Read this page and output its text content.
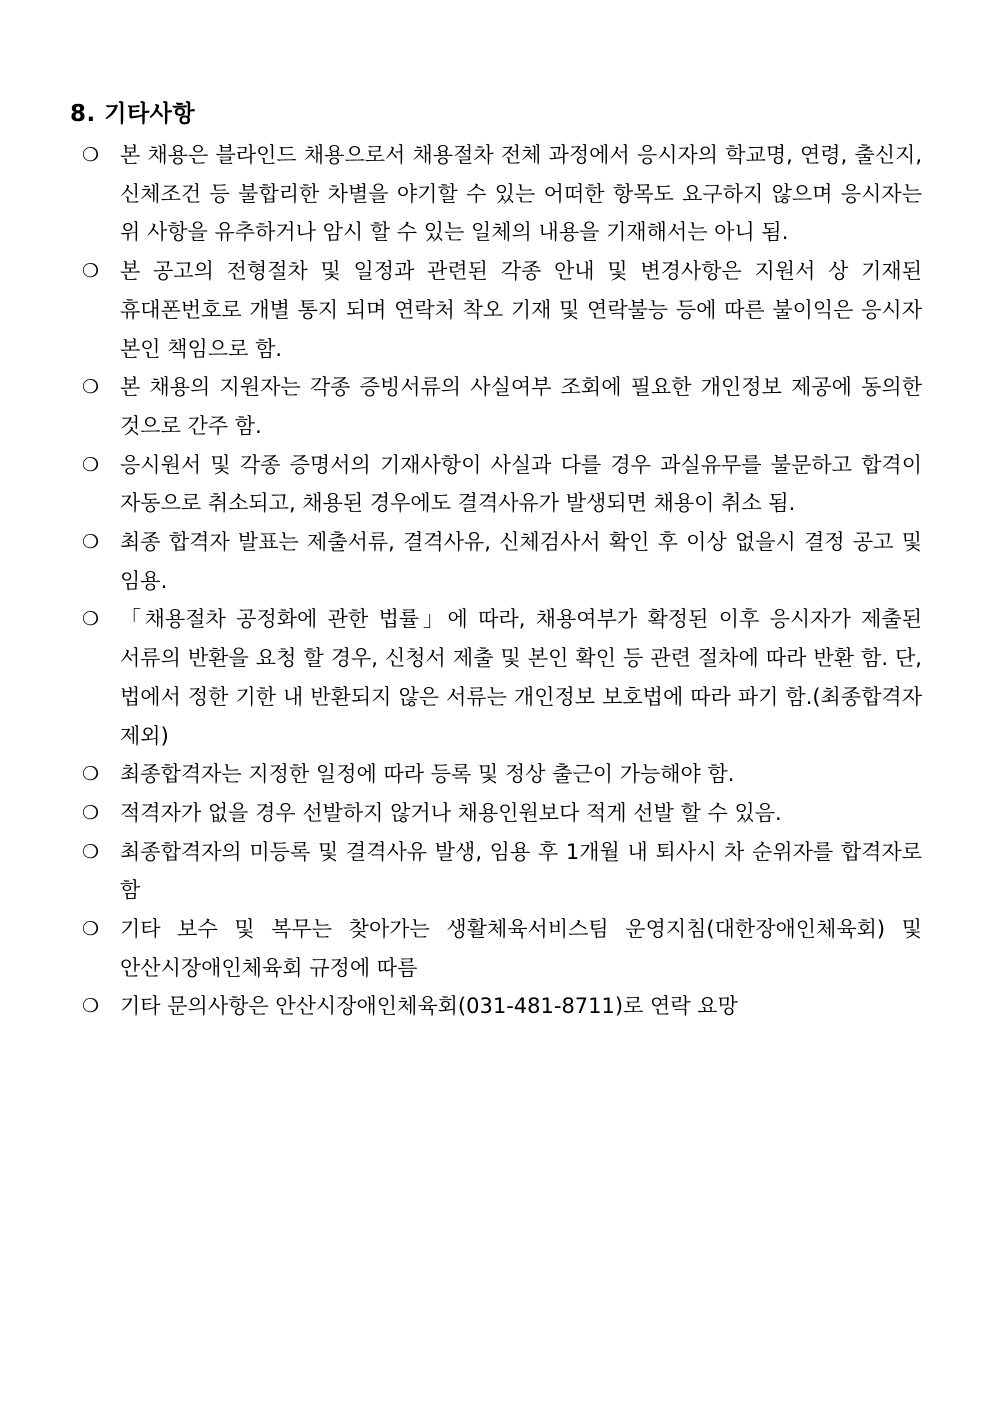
8. 기타사항
❍ 본 채용은 블라인드 채용으로서 채용절차 전체 과정에서 응시자의 학교명, 연령, 출신지, 신체조건 등 불합리한 차별을 야기할 수 있는 어떠한 항목도 요구하지 않으며 응시자는 위 사항을 유추하거나 암시 할 수 있는 일체의 내용을 기재해서는 아니 됨.
❍ 본 공고의 전형절차 및 일정과 관련된 각종 안내 및 변경사항은 지원서 상 기재된 휴대폰번호로 개별 통지 되며 연락처 착오 기재 및 연락불능 등에 따른 불이익은 응시자 본인 책임으로 함.
❍ 본 채용의 지원자는 각종 증빙서류의 사실여부 조회에 필요한 개인정보 제공에 동의한 것으로 간주 함.
❍ 응시원서 및 각종 증명서의 기재사항이 사실과 다를 경우 과실유무를 불문하고 합격이 자동으로 취소되고, 채용된 경우에도 결격사유가 발생되면 채용이 취소 됨.
❍ 최종 합격자 발표는 제출서류, 결격사유, 신체검사서 확인 후 이상 없을시 결정 공고 및 임용.
❍ 「채용절차 공정화에 관한 법률」에 따라, 채용여부가 확정된 이후 응시자가 제출된 서류의 반환을 요청 할 경우, 신청서 제출 및 본인 확인 등 관련 절차에 따라 반환 함. 단, 법에서 정한 기한 내 반환되지 않은 서류는 개인정보 보호법에 따라 파기 함.(최종합격자 제외)
❍ 최종합격자는 지정한 일정에 따라 등록 및 정상 출근이 가능해야 함.
❍ 적격자가 없을 경우 선발하지 않거나 채용인원보다 적게 선발 할 수 있음.
❍ 최종합격자의 미등록 및 결격사유 발생, 임용 후 1개월 내 퇴사시 차 순위자를 합격자로 함
❍ 기타 보수 및 복무는 찾아가는 생활체육서비스팀 운영지침(대한장애인체육회) 및 안산시장애인체육회 규정에 따름
❍ 기타 문의사항은 안산시장애인체육회(031-481-8711)로 연락 요망
